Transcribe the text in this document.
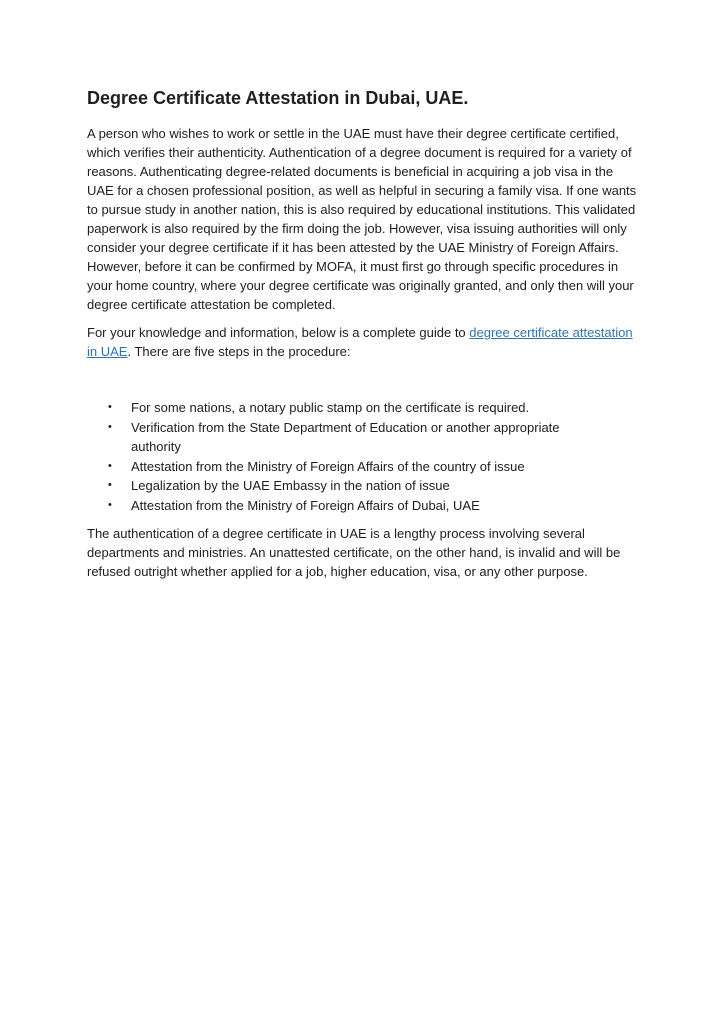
Degree Certificate Attestation in Dubai, UAE.

A person who wishes to work or settle in the UAE must have their degree certificate certified, which verifies their authenticity. Authentication of a degree document is required for a variety of reasons. Authenticating degree-related documents is beneficial in acquiring a job visa in the UAE for a chosen professional position, as well as helpful in securing a family visa. If one wants to pursue study in another nation, this is also required by educational institutions. This validated paperwork is also required by the firm doing the job. However, visa issuing authorities will only consider your degree certificate if it has been attested by the UAE Ministry of Foreign Affairs. However, before it can be confirmed by MOFA, it must first go through specific procedures in your home country, where your degree certificate was originally granted, and only then will your degree certificate attestation be completed.

For your knowledge and information, below is a complete guide to degree certificate attestation in UAE. There are five steps in the procedure:

• For some nations, a notary public stamp on the certificate is required.
• Verification from the State Department of Education or another appropriate authority
• Attestation from the Ministry of Foreign Affairs of the country of issue
• Legalization by the UAE Embassy in the nation of issue
• Attestation from the Ministry of Foreign Affairs of Dubai, UAE

The authentication of a degree certificate in UAE is a lengthy process involving several departments and ministries. An unattested certificate, on the other hand, is invalid and will be refused outright whether applied for a job, higher education, visa, or any other purpose.
